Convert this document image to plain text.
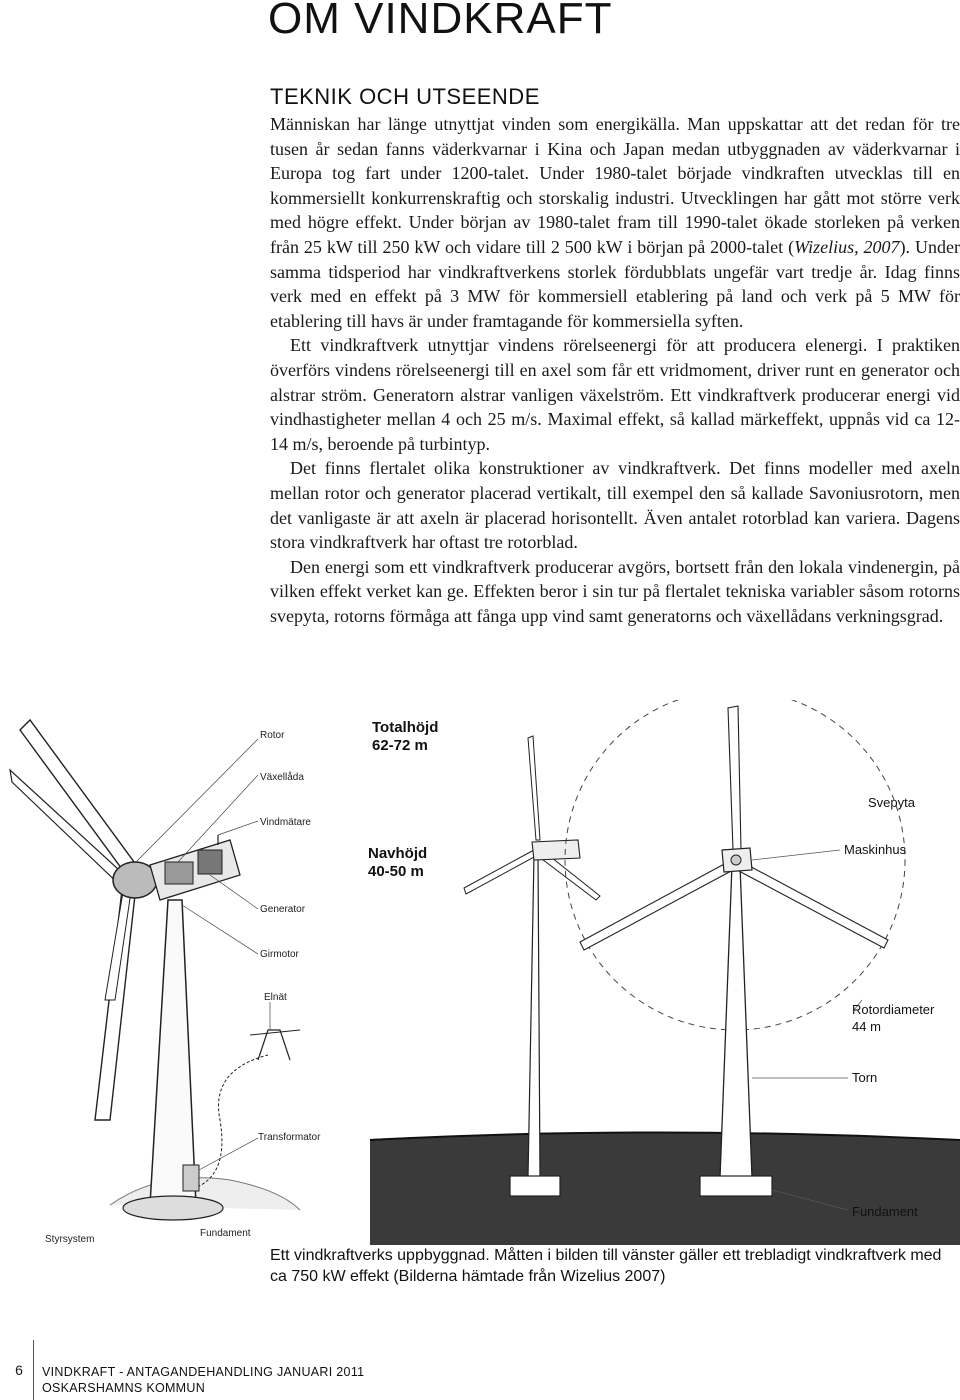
OM VINDKRAFT
TEKNIK OCH UTSEENDE

Människan har länge utnyttjat vinden som energikälla. Man uppskattar att det redan för tre tusen år sedan fanns väderkvarnar i Kina och Japan medan utbyggnaden av väderkvarnar i Europa tog fart under 1200-talet. Under 1980-talet började vindkraften utvecklas till en kommersiellt konkurrenskraftig och storskalig industri. Utvecklingen har gått mot större verk med högre effekt. Under början av 1980-talet fram till 1990-talet ökade storleken på verken från 25 kW till 250 kW och vidare till 2 500 kW i början på 2000-talet (Wizelius, 2007). Under samma tidsperiod har vindkraftverkens storlek fördubblats ungefär vart tredje år. Idag finns verk med en effekt på 3 MW för kommersiell etablering på land och verk på 5 MW för etablering till havs är under framtagande för kommersiella syften.

Ett vindkraftverk utnyttjar vindens rörelseenergi för att producera elenergi. I praktiken överförs vindens rörelseenergi till en axel som får ett vridmoment, driver runt en generator och alstrar ström. Generatorn alstrar vanligen växelström. Ett vindkraftverk producerar energi vid vindhastigheter mellan 4 och 25 m/s. Maximal effekt, så kallad märkeffekt, uppnås vid ca 12-14 m/s, beroende på turbintyp.

Det finns flertalet olika konstruktioner av vindkraftverk. Det finns modeller med axeln mellan rotor och generator placerad vertikalt, till exempel den så kallade Savoniusrotorn, men det vanligaste är att axeln är placerad horisontellt. Även antalet rotorblad kan variera. Dagens stora vindkraftverk har oftast tre rotorblad.

Den energi som ett vindkraftverk producerar avgörs, bortsett från den lokala vindenergin, på vilken effekt verket kan ge. Effekten beror i sin tur på flertalet tekniska variabler såsom rotorns svepyta, rotorns förmåga att fånga upp vind samt generatorns och växellådans verkningsgrad.

Rotor
Växellåda
Vindmätare
Generator
Girmotor
Elnät
Transformator
Styrsystem
Fundament
Totalhöjd
62-72 m
Navhöjd
40-50 m
Svepyta
Maskinhus
Rotordiameter
44 m
Torn
Fundament
Ett vindkraftverks uppbyggnad. Måtten i bilden till vänster gäller ett trebladigt vindkraftverk med ca 750 kW effekt (Bilderna hämtade från Wizelius 2007)
6	VINDKRAFT - ANTAGANDEHANDLING JANUARI 2011
OSKARSHAMNS KOMMUN
